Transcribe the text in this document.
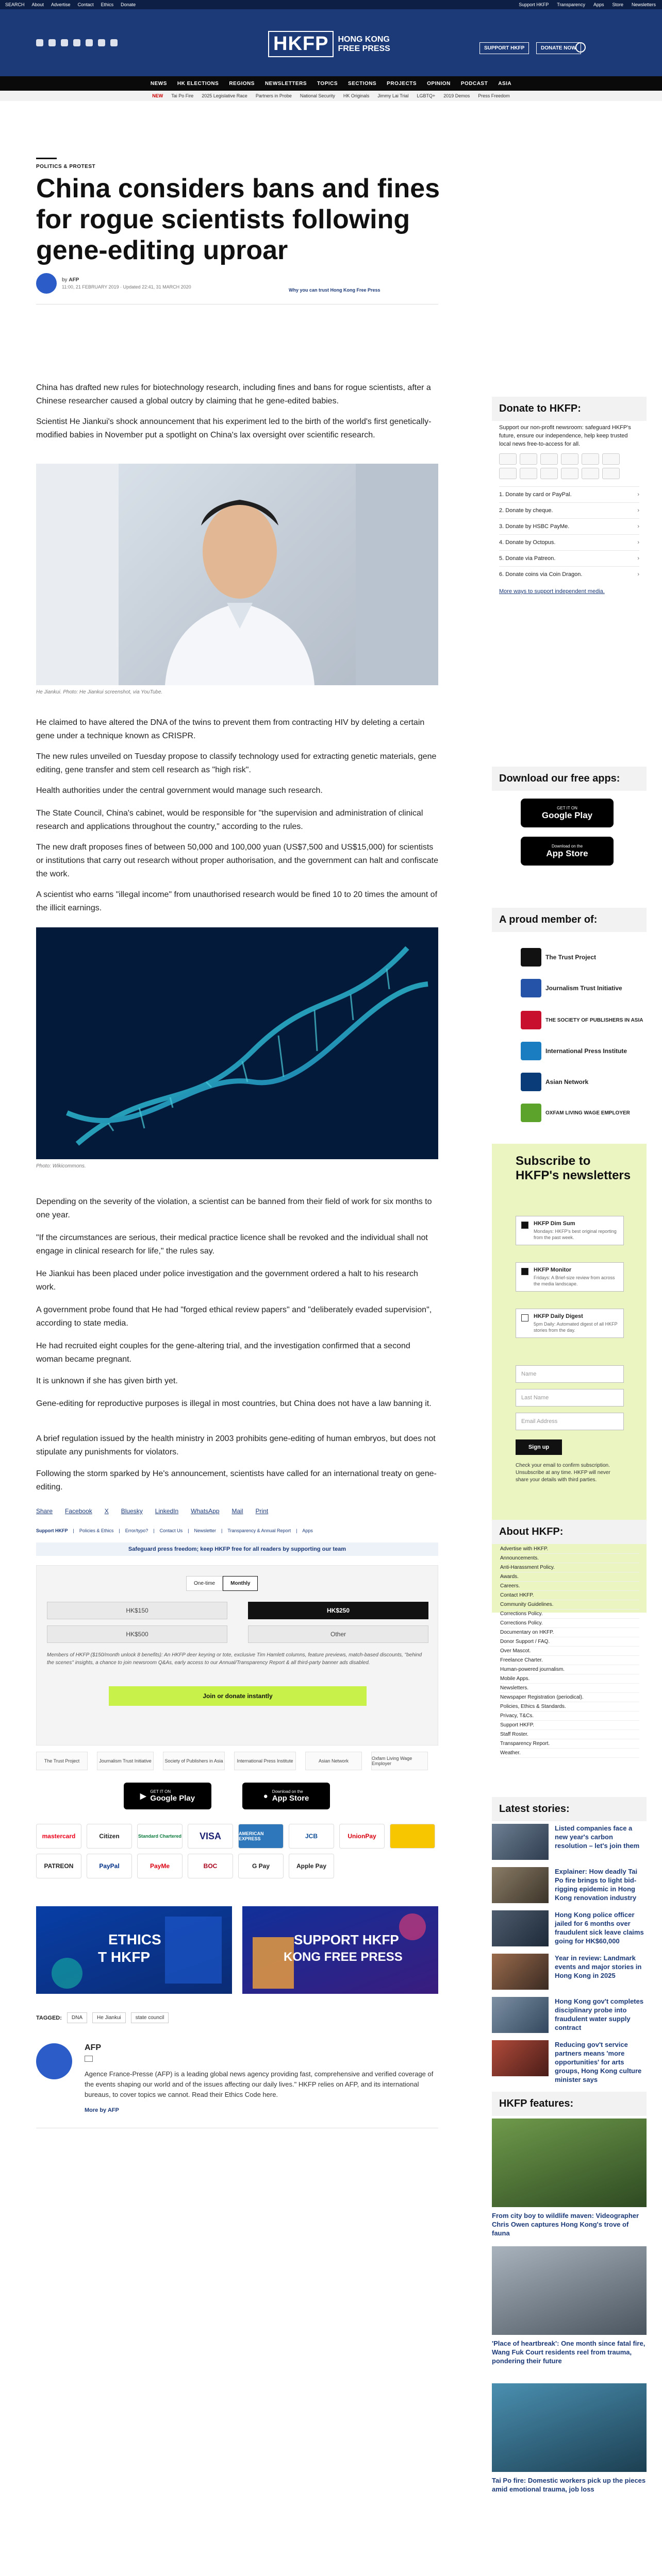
SEARCH About Advertise Contact Ethics Donate	Support HKFP Transparency Apps Store Newsletters
HKFP	HONG KONG
FREE PRESS	SUPPORT HKFP	DONATE NOW
NEWS HK ELECTIONS REGIONS NEWSLETTERS TOPICS SECTIONS PROJECTS OPINION PODCAST ASIA
NEW Tai Po Fire 2025 Legislative Race Partners in Probe National Security HK Originals Jimmy Lai Trial LGBTQ+ 2019 Demos Press Freedom
POLITICS & PROTEST
China considers bans and fines for rogue scientists following gene-editing uproar
by AFP
11:00, 21 FEBRUARY 2019 · Updated 22:41, 31 MARCH 2020
Why you can trust Hong Kong Free Press

China has drafted new rules for biotechnology research, including fines and bans for rogue scientists, after a Chinese researcher caused a global outcry by claiming that he gene-edited babies.

Scientist He Jiankui's shock announcement that his experiment led to the birth of the world's first genetically-modified babies in November put a spotlight on China's lax oversight over scientific research.

He Jiankui. Photo: He Jiankui screenshot, via YouTube.

He claimed to have altered the DNA of the twins to prevent them from contracting HIV by deleting a certain gene under a technique known as CRISPR.

The new rules unveiled on Tuesday propose to classify technology used for extracting genetic materials, gene editing, gene transfer and stem cell research as "high risk".

Health authorities under the central government would manage such research.

The State Council, China's cabinet, would be responsible for "the supervision and administration of clinical research and applications throughout the country," according to the rules.

The new draft proposes fines of between 50,000 and 100,000 yuan (US$7,500 and US$15,000) for scientists or institutions that carry out research without proper authorisation, and the government can halt and confiscate the work.

A scientist who earns "illegal income" from unauthorised research would be fined 10 to 20 times the amount of the illicit earnings.

Photo: Wikicommons.

Depending on the severity of the violation, a scientist can be banned from their field of work for six months to one year.

"If the circumstances are serious, their medical practice licence shall be revoked and the individual shall not engage in clinical research for life," the rules say.

He Jiankui has been placed under police investigation and the government ordered a halt to his research work.

A government probe found that He had "forged ethical review papers" and "deliberately evaded supervision", according to state media.

He had recruited eight couples for the gene-altering trial, and the investigation confirmed that a second woman became pregnant.

It is unknown if she has given birth yet.

Gene-editing for reproductive purposes is illegal in most countries, but China does not have a law banning it.

A brief regulation issued by the health ministry in 2003 prohibits gene-editing of human embryos, but does not stipulate any punishments for violators.

Following the storm sparked by He's announcement, scientists have called for an international treaty on gene-editing.

Share Facebook X Bluesky LinkedIn WhatsApp Mail Print
Support HKFP | Policies & Ethics | Error/typo? | Contact Us | Newsletter | Transparency & Annual Report | Apps
Safeguard press freedom; keep HKFP free for all readers by supporting our team
One-time	Monthly
HK$150	HK$250
HK$500	Other

Members of HKFP ($150/month unlock 8 benefits): An HKFP deer keyring or tote, exclusive Tim Hamlett columns, feature previews, match-based discounts, "behind the scenes" insights, a chance to join newsroom Q&As, early access to our Annual/Transparency Report & all third-party banner ads disabled.

Join or donate instantly
The Trust Project	Journalism Trust Initiative	Society of Publishers in Asia	International Press Institute	Asian Network	Oxfam Living Wage Employer
▶
GET IT ON
Google Play	● Download on the
App Store
mastercard	Citizen	Standard Chartered	VISA	AMERICAN EXPRESS	JCB	UnionPay
PATREON	PayPal	PayMe	BOC	G Pay	Apple Pay
ETHICS
T HKFP
SUPPORT HKFP
KONG FREE PRESS
TAGGED:	DNA	He Jiankui	state council
AFP

Agence France-Presse (AFP) is a leading global news agency providing fast, comprehensive and verified coverage of the events shaping our world and of the issues affecting our daily lives." HKFP relies on AFP, and its international bureaus, to cover topics we cannot. Read their Ethics Code here.

More by AFP
Donate to HKFP:

Support our non-profit newsroom: safeguard HKFP's future, ensure our independence, help keep trusted local news free-to-access for all.

1. Donate by card or PayPal.	›
2. Donate by cheque.	›
3. Donate by HSBC PayMe.	›
4. Donate by Octopus.	›
5. Donate via Patreon.	›
6. Donate coins via Coin Dragon.	›
More ways to support independent media.
Download our free apps:
GET IT ON
Google Play
Download on the
App Store
A proud member of:
The Trust Project
Journalism Trust Initiative
THE SOCIETY OF PUBLISHERS IN ASIA
International Press Institute
Asian Network
OXFAM LIVING WAGE EMPLOYER
Subscribe to HKFP's newsletters
HKFP Dim Sum

Mondays: HKFP's best original reporting from the past week.

HKFP Monitor

Fridays: A Brief-size review from across the media landscape.

HKFP Daily Digest

5pm Daily: Automated digest of all HKFP stories from the day.

Name
Last Name
Email Address
Sign up

Check your email to confirm subscription. Unsubscribe at any time. HKFP will never share your details with third parties.

About HKFP:
Advertise with HKFP.
Announcements.
Anti-Harassment Policy.
Awards.
Careers.
Contact HKFP.
Community Guidelines.
Corrections Policy.
Corrections Policy.
Documentary on HKFP.
Donor Support / FAQ.
Over Mascot.
Freelance Charter.
Human-powered journalism.
Mobile Apps.
Newsletters.
Newspaper Registration (periodical).
Policies, Ethics & Standards.
Privacy, T&Cs.
Support HKFP.
Staff Roster.
Transparency Report.
Weather.
Latest stories:
Listed companies face a new year's carbon resolution – let's join them
Explainer: How deadly Tai Po fire brings to light bid-rigging epidemic in Hong Kong renovation industry
Hong Kong police officer jailed for 6 months over fraudulent sick leave claims going for HK$60,000
Year in review: Landmark events and major stories in Hong Kong in 2025
Hong Kong gov't completes disciplinary probe into fraudulent water supply contract
Reducing gov't service partners means 'more opportunities' for arts groups, Hong Kong culture minister says
HKFP features:
From city boy to wildlife maven: Videographer Chris Owen captures Hong Kong's trove of fauna
'Place of heartbreak': One month since fatal fire, Wang Fuk Court residents reel from trauma, pondering their future
Tai Po fire: Domestic workers pick up the pieces amid emotional trauma, job loss
